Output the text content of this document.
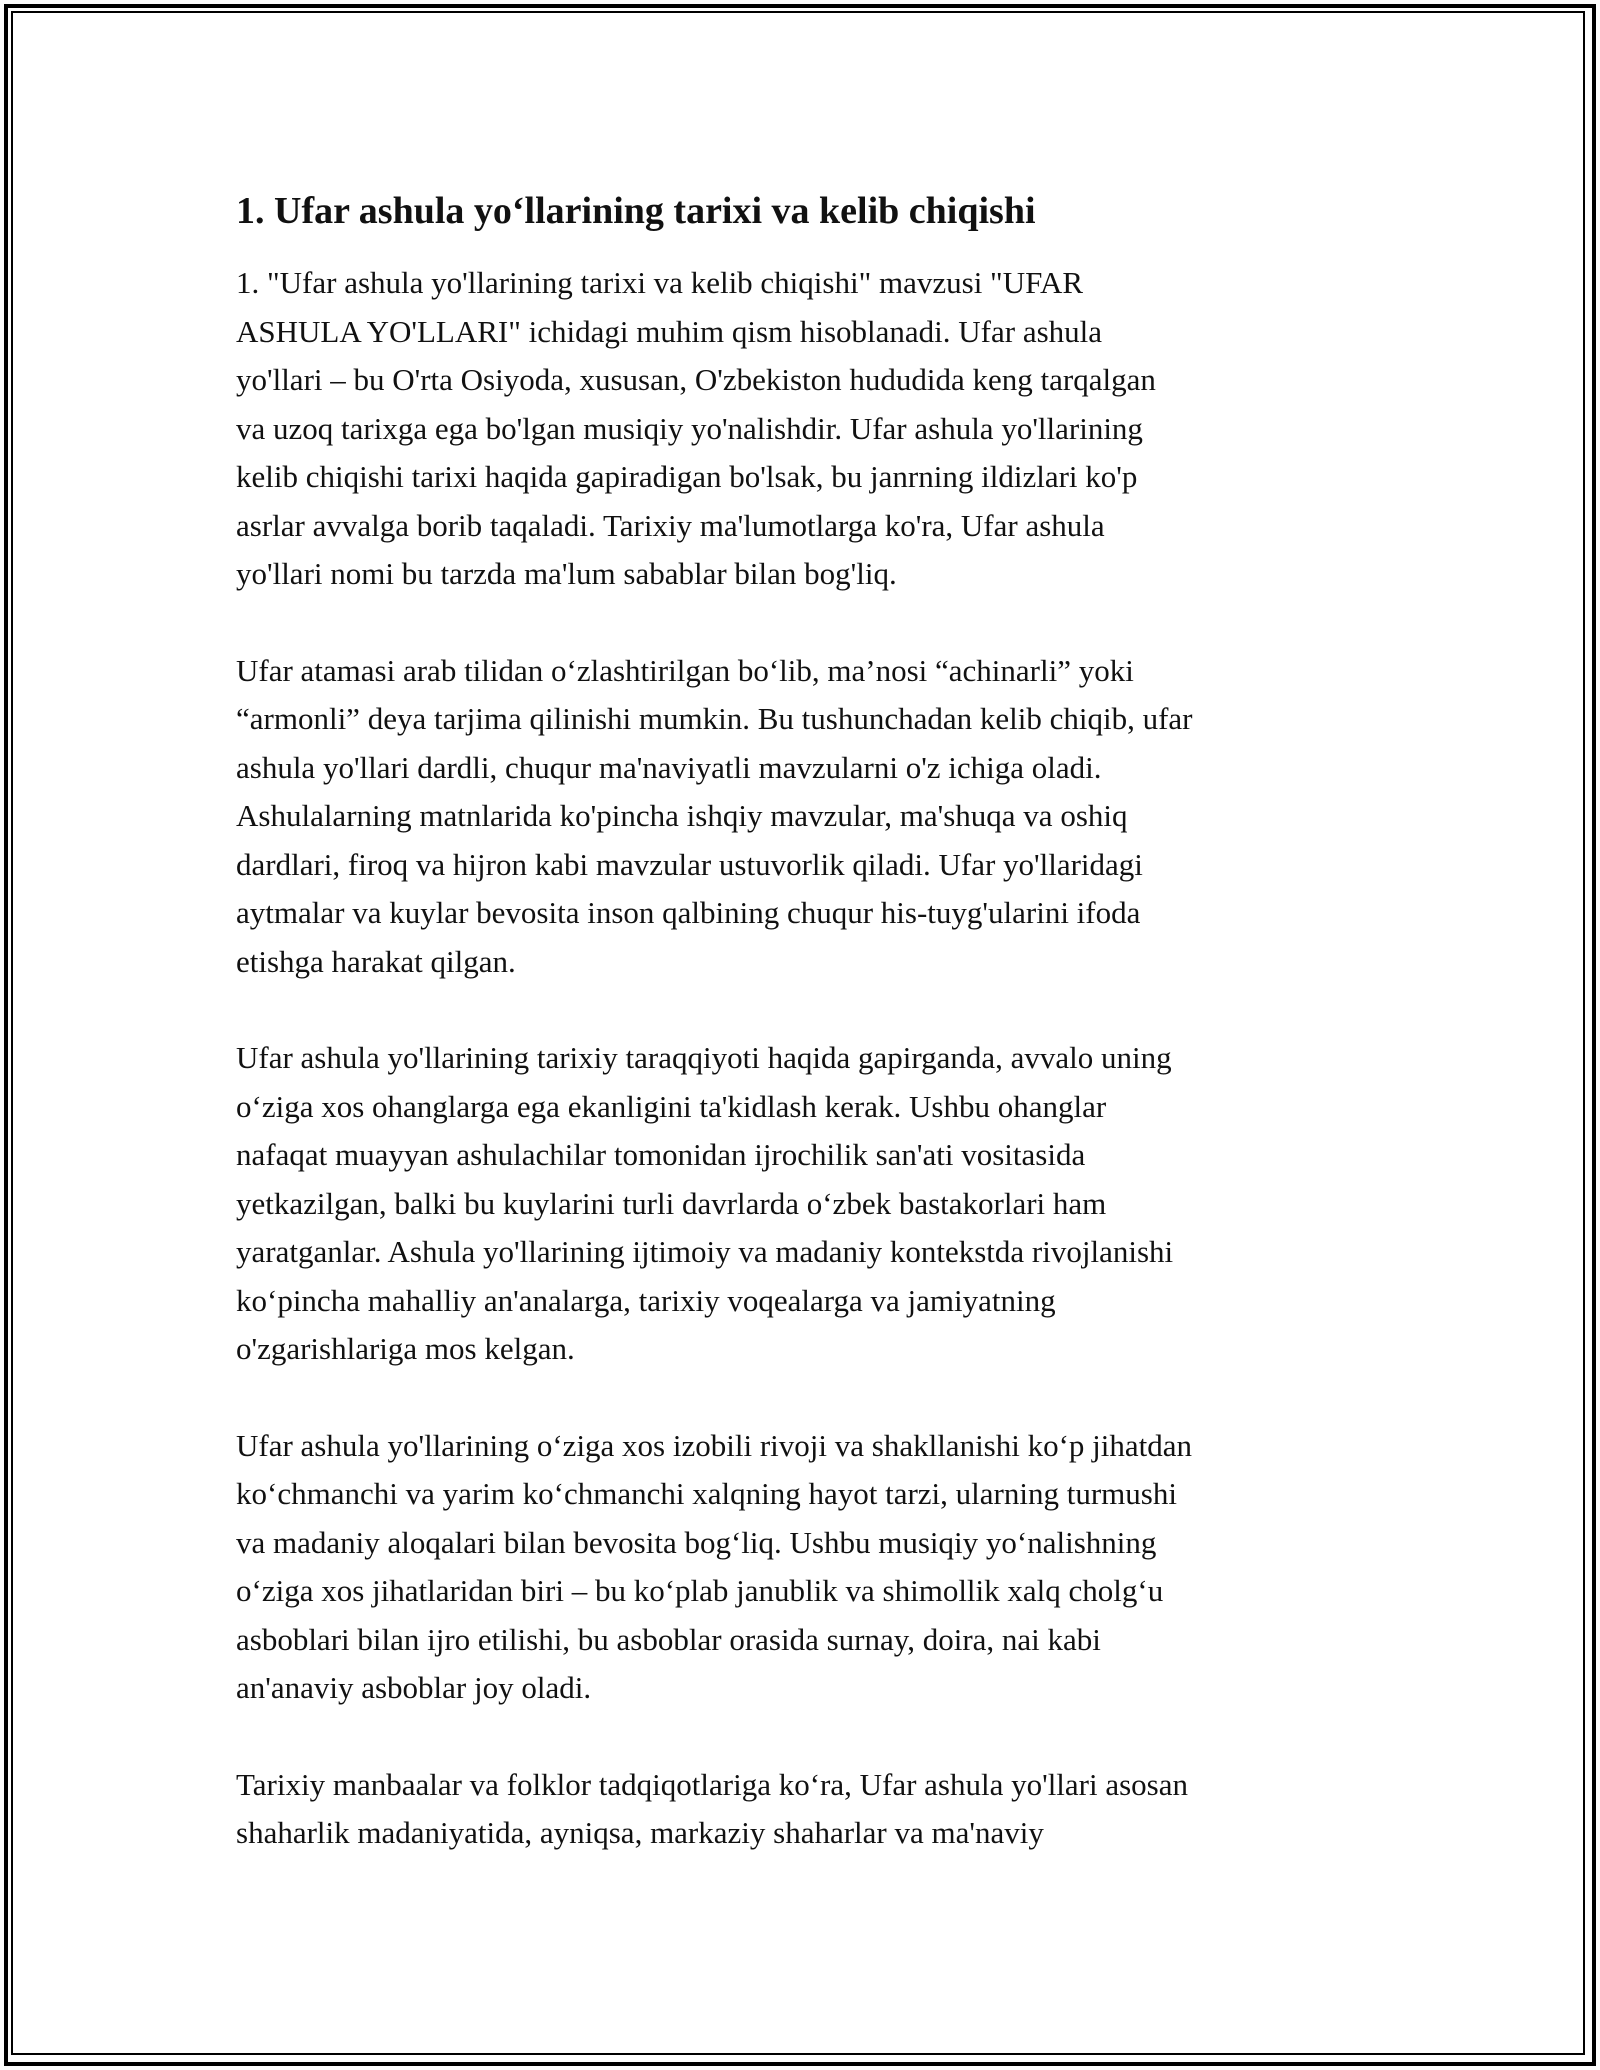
1. Ufar ashula yo‘llarining tarixi va kelib chiqishi

1. "Ufar ashula yo'llarining tarixi va kelib chiqishi" mavzusi "UFAR
ASHULA YO'LLARI" ichidagi muhim qism hisoblanadi. Ufar ashula
yo'llari – bu O'rta Osiyoda, xususan, O'zbekiston hududida keng tarqalgan
va uzoq tarixga ega bo'lgan musiqiy yo'nalishdir. Ufar ashula yo'llarining
kelib chiqishi tarixi haqida gapiradigan bo'lsak, bu janrning ildizlari ko'p
asrlar avvalga borib taqaladi. Tarixiy ma'lumotlarga ko'ra, Ufar ashula
yo'llari nomi bu tarzda ma'lum sabablar bilan bog'liq.

Ufar atamasi arab tilidan o‘zlashtirilgan bo‘lib, ma’nosi “achinarli” yoki
“armonli” deya tarjima qilinishi mumkin. Bu tushunchadan kelib chiqib, ufar
ashula yo'llari dardli, chuqur ma'naviyatli mavzularni o'z ichiga oladi.
Ashulalarning matnlarida ko'pincha ishqiy mavzular, ma'shuqa va oshiq
dardlari, firoq va hijron kabi mavzular ustuvorlik qiladi. Ufar yo'llaridagi
aytmalar va kuylar bevosita inson qalbining chuqur his-tuyg'ularini ifoda
etishga harakat qilgan.

Ufar ashula yo'llarining tarixiy taraqqiyoti haqida gapirganda, avvalo uning
o‘ziga xos ohanglarga ega ekanligini ta'kidlash kerak. Ushbu ohanglar
nafaqat muayyan ashulachilar tomonidan ijrochilik san'ati vositasida
yetkazilgan, balki bu kuylarini turli davrlarda o‘zbek bastakorlari ham
yaratganlar. Ashula yo'llarining ijtimoiy va madaniy kontekstda rivojlanishi
ko‘pincha mahalliy an'analarga, tarixiy voqealarga va jamiyatning
o'zgarishlariga mos kelgan.

Ufar ashula yo'llarining o‘ziga xos izobili rivoji va shakllanishi ko‘p jihatdan
ko‘chmanchi va yarim ko‘chmanchi xalqning hayot tarzi, ularning turmushi
va madaniy aloqalari bilan bevosita bog‘liq. Ushbu musiqiy yo‘nalishning
o‘ziga xos jihatlaridan biri – bu ko‘plab janublik va shimollik xalq cholg‘u
asboblari bilan ijro etilishi, bu asboblar orasida surnay, doira, nai kabi
an'anaviy asboblar joy oladi.

Tarixiy manbaalar va folklor tadqiqotlariga ko‘ra, Ufar ashula yo'llari asosan
shaharlik madaniyatida, ayniqsa, markaziy shaharlar va ma'naviy
